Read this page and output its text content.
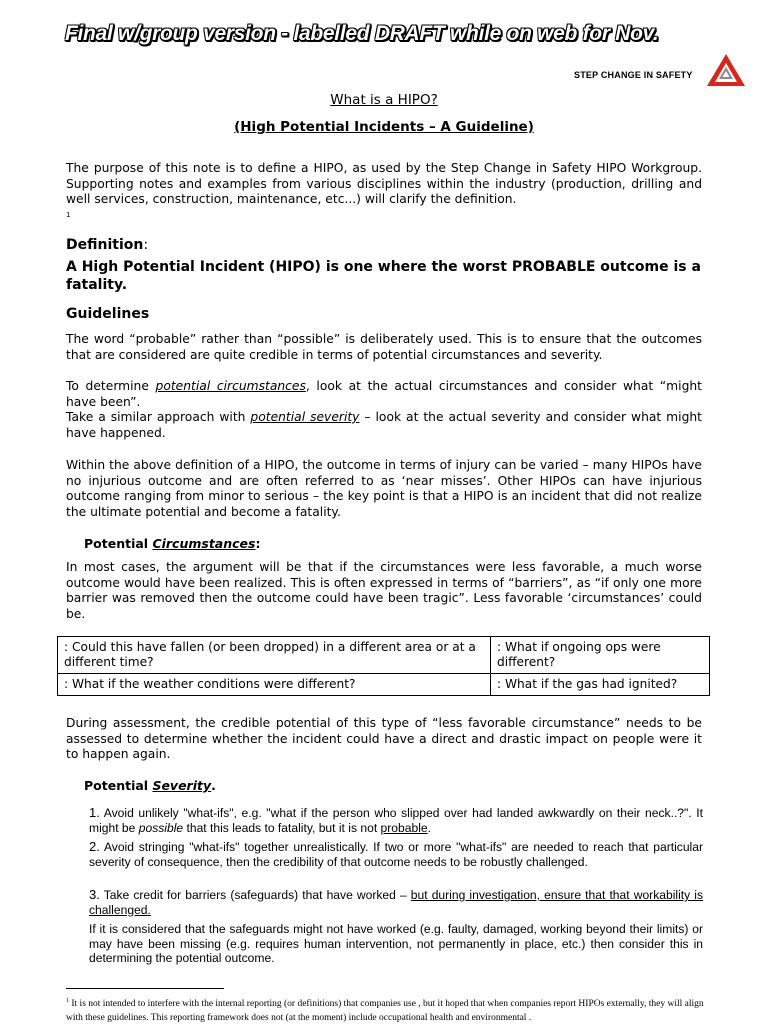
Final w/group version - labelled DRAFT while on web for Nov.
STEP CHANGE IN SAFETY
What is a HIPO?
(High Potential Incidents – A Guideline)
The purpose of this note is to define a HIPO, as used by the Step Change in Safety HIPO Workgroup. Supporting notes and examples from various disciplines within the industry (production, drilling and well services, construction, maintenance, etc...) will clarify the definition.
$^1$
Definition:
A High Potential Incident (HIPO) is one where the worst PROBABLE outcome is a fatality.
Guidelines
The word “probable” rather than “possible” is deliberately used. This is to ensure that the outcomes that are considered are quite credible in terms of potential circumstances and severity.
To determine potential circumstances, look at the actual circumstances and consider what “might have been”.
Take a similar approach with potential severity – look at the actual severity and consider what might have happened.
Within the above definition of a HIPO, the outcome in terms of injury can be varied – many HIPOs have no injurious outcome and are often referred to as ‘near misses’. Other HIPOs can have injurious outcome ranging from minor to serious – the key point is that a HIPO is an incident that did not realize the ultimate potential and become a fatality.
Potential Circumstances:
In most cases, the argument will be that if the circumstances were less favorable, a much worse outcome would have been realized. This is often expressed in terms of “barriers”, as “if only one more barrier was removed then the outcome could have been tragic”. Less favorable ‘circumstances’ could be.
: Could this have fallen (or been dropped) in a different area or at a different time?	: What if ongoing ops were different?
: What if the weather conditions were different?	: What if the gas had ignited?
During assessment, the credible potential of this type of “less favorable circumstance” needs to be assessed to determine whether the incident could have a direct and drastic impact on people were it to happen again.
Potential Severity.
1. Avoid unlikely "what-ifs", e.g. "what if the person who slipped over had landed awkwardly on their neck..?". It might be possible that this leads to fatality, but it is not probable.
2. Avoid stringing "what-ifs" together unrealistically. If two or more "what-ifs" are needed to reach that particular severity of consequence, then the credibility of that outcome needs to be robustly challenged.
3. Take credit for barriers (safeguards) that have worked – but during investigation, ensure that that workability is challenged.
If it is considered that the safeguards might not have worked (e.g. faulty, damaged, working beyond their limits) or may have been missing (e.g. requires human intervention, not permanently in place, etc.) then consider this in determining the potential outcome.
$^1$ It is not intended to interfere with the internal reporting (or definitions) that companies use , but it hoped that when companies report HIPOs externally, they will align with these guidelines. This reporting framework does not (at the moment) include occupational health and environmental .
